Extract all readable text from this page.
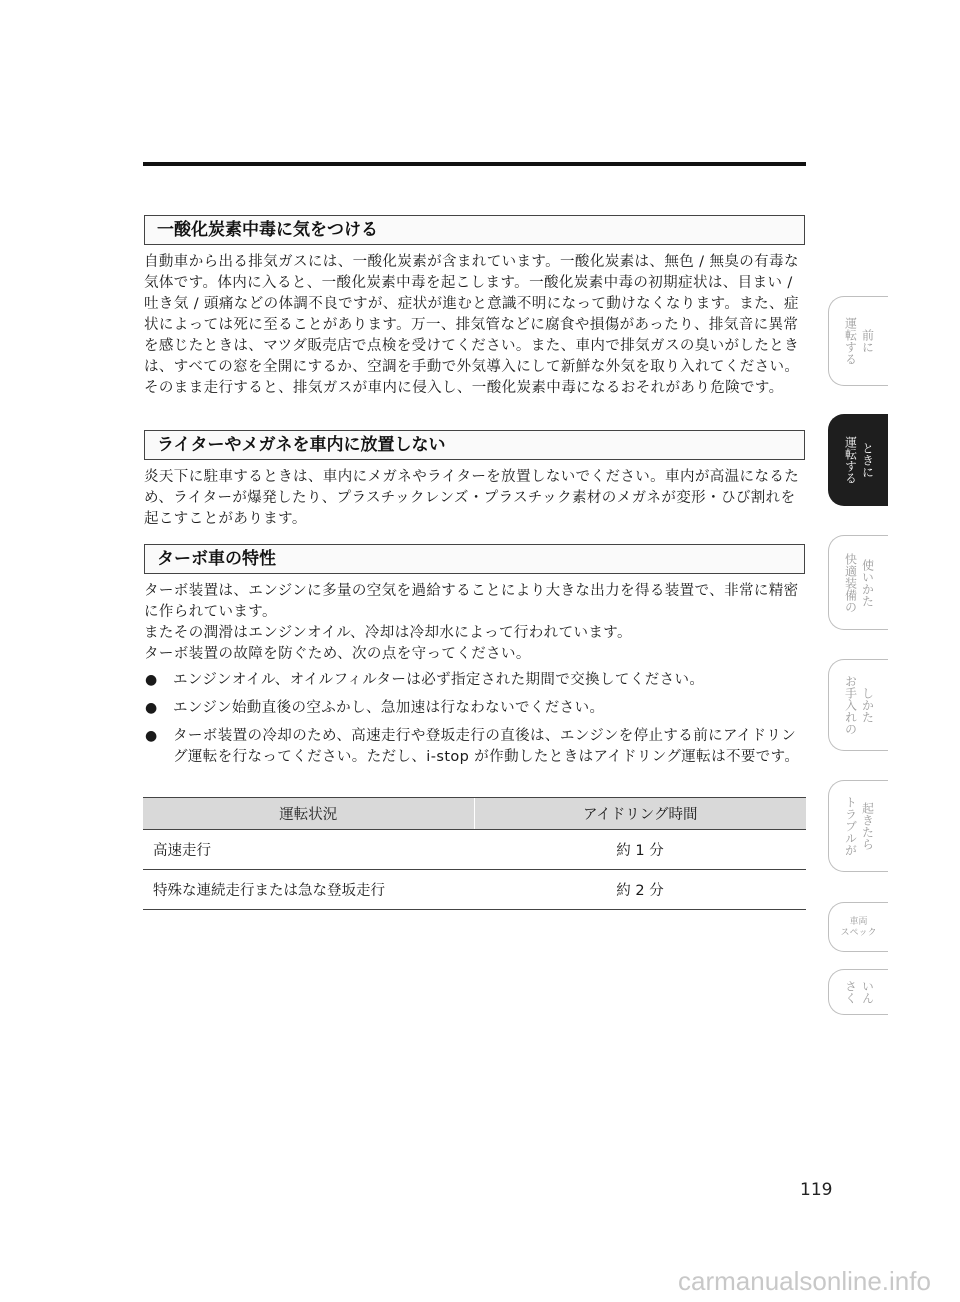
一酸化炭素中毒に気をつける

自動車から出る排気ガスには、一酸化炭素が含まれています。一酸化炭素は、無色 / 無臭の有毒な気体です。体内に入ると、一酸化炭素中毒を起こします。一酸化炭素中毒の初期症状は、目まい / 吐き気 / 頭痛などの体調不良ですが、症状が進むと意識不明になって動けなくなります。また、症状によっては死に至ることがあります。万一、排気管などに腐食や損傷があったり、排気音に異常を感じたときは、マツダ販売店で点検を受けてください。また、車内で排気ガスの臭いがしたときは、すべての窓を全開にするか、空調を手動で外気導入にして新鮮な外気を取り入れてください。そのまま走行すると、排気ガスが車内に侵入し、一酸化炭素中毒になるおそれがあり危険です。

ライターやメガネを車内に放置しない

炎天下に駐車するときは、車内にメガネやライターを放置しないでください。車内が高温になるため、ライターが爆発したり、プラスチックレンズ・プラスチック素材のメガネが変形・ひび割れを起こすことがあります。

ターボ車の特性

ターボ装置は、エンジンに多量の空気を過給することにより大きな出力を得る装置で、非常に精密に作られています。

またその潤滑はエンジンオイル、冷却は冷却水によって行われています。

ターボ装置の故障を防ぐため、次の点を守ってください。

● エンジンオイル、オイルフィルターは必ず指定された期間で交換してください。
● エンジン始動直後の空ふかし、急加速は行なわないでください。
● ターボ装置の冷却のため、高速走行や登坂走行の直後は、エンジンを停止する前にアイドリング運転を行なってください。ただし、i-stop が作動したときはアイドリング運転は不要です。
運転状況	アイドリング時間
高速走行	約 1 分
特殊な連続走行または急な登坂走行	約 2 分
運転する 前に
運転する ときに
快適装備の 使いかた
お手入れの しかた
トラブルが 起きたら
車両
スペック
さく いん
119
carmanualsonline.info
